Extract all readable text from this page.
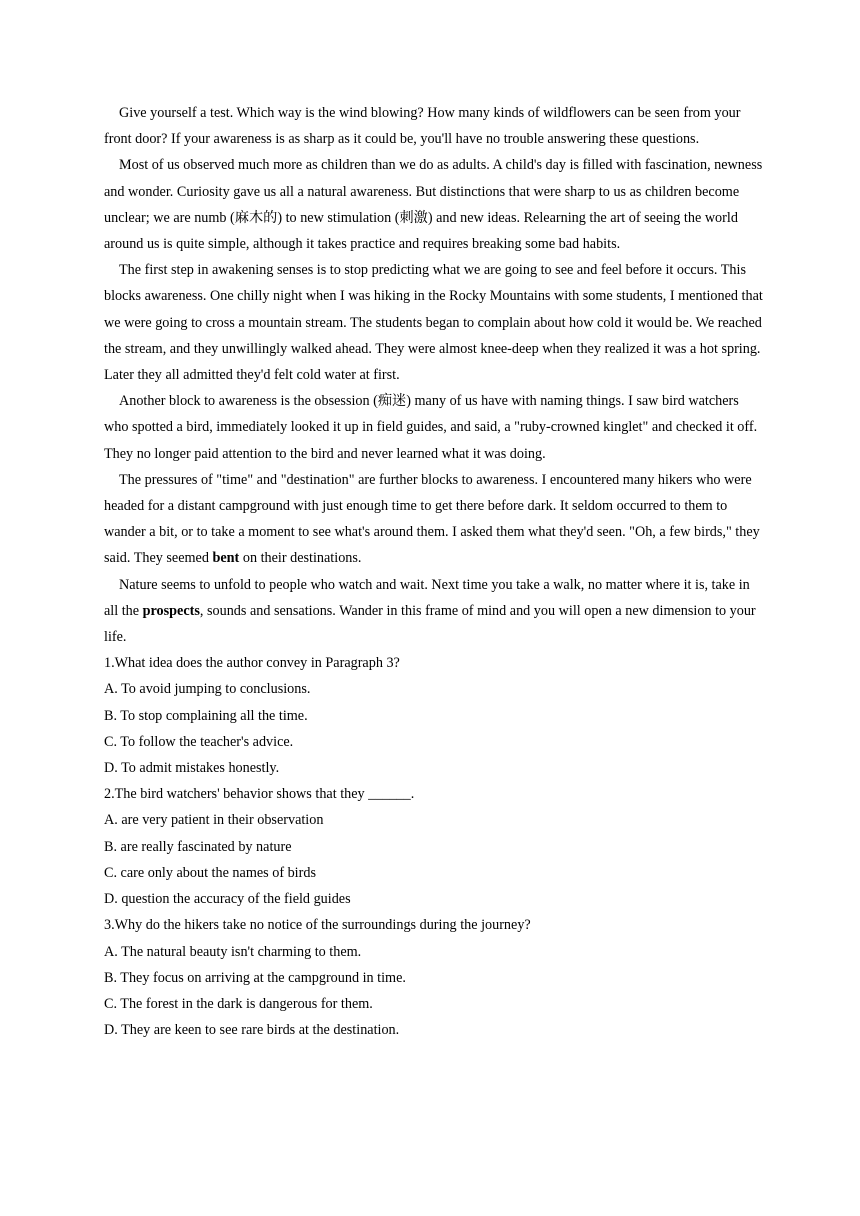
Give yourself a test. Which way is the wind blowing? How many kinds of wildflowers can be seen from your front door? If your awareness is as sharp as it could be, you'll have no trouble answering these questions.

Most of us observed much more as children than we do as adults. A child's day is filled with fascination, newness and wonder. Curiosity gave us all a natural awareness. But distinctions that were sharp to us as children become unclear; we are numb (麻木的) to new stimulation (刺激) and new ideas. Relearning the art of seeing the world around us is quite simple, although it takes practice and requires breaking some bad habits.

The first step in awakening senses is to stop predicting what we are going to see and feel before it occurs. This blocks awareness. One chilly night when I was hiking in the Rocky Mountains with some students, I mentioned that we were going to cross a mountain stream. The students began to complain about how cold it would be. We reached the stream, and they unwillingly walked ahead. They were almost knee-deep when they realized it was a hot spring. Later they all admitted they'd felt cold water at first.

Another block to awareness is the obsession (痴迷) many of us have with naming things. I saw bird watchers who spotted a bird, immediately looked it up in field guides, and said, a "ruby-crowned kinglet" and checked it off. They no longer paid attention to the bird and never learned what it was doing.

The pressures of "time" and "destination" are further blocks to awareness. I encountered many hikers who were headed for a distant campground with just enough time to get there before dark. It seldom occurred to them to wander a bit, or to take a moment to see what's around them. I asked them what they'd seen. "Oh, a few birds," they said. They seemed bent on their destinations.

Nature seems to unfold to people who watch and wait. Next time you take a walk, no matter where it is, take in all the prospects, sounds and sensations. Wander in this frame of mind and you will open a new dimension to your life.

1.What idea does the author convey in Paragraph 3?

A. To avoid jumping to conclusions.

B. To stop complaining all the time.

C. To follow the teacher's advice.

D. To admit mistakes honestly.

2.The bird watchers' behavior shows that they ______.

A. are very patient in their observation

B. are really fascinated by nature

C. care only about the names of birds

D. question the accuracy of the field guides

3.Why do the hikers take no notice of the surroundings during the journey?

A. The natural beauty isn't charming to them.

B. They focus on arriving at the campground in time.

C. The forest in the dark is dangerous for them.

D. They are keen to see rare birds at the destination.
